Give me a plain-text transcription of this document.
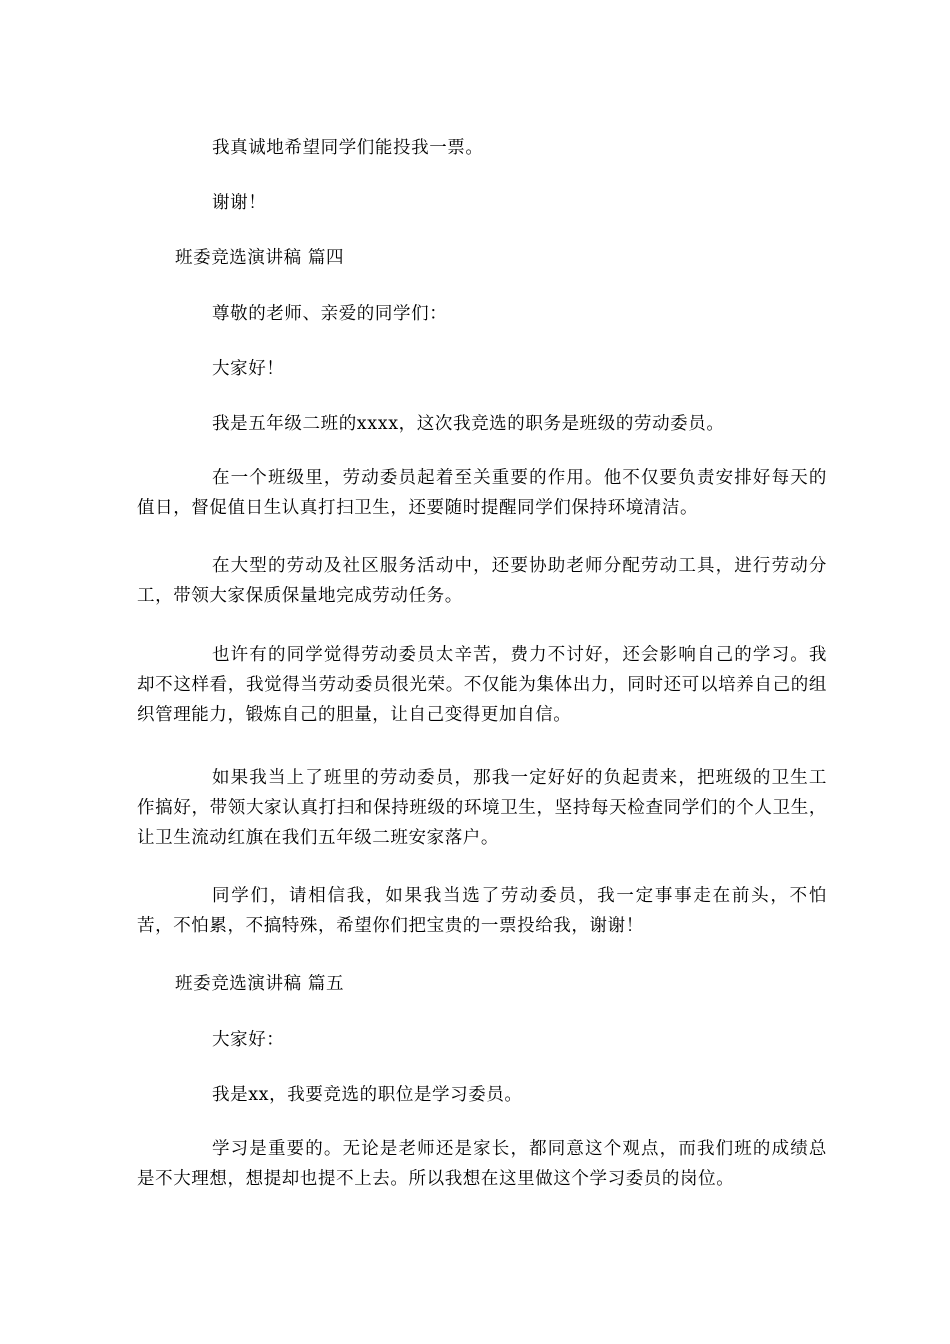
我真诚地希望同学们能投我一票。
谢谢！
班委竞选演讲稿 篇四
尊敬的老师、亲爱的同学们：
大家好！
我是五年级二班的xxxx，这次我竞选的职务是班级的劳动委员。
在一个班级里，劳动委员起着至关重要的作用。他不仅要负责安排好每天的值日，督促值日生认真打扫卫生，还要随时提醒同学们保持环境清洁。
在大型的劳动及社区服务活动中，还要协助老师分配劳动工具，进行劳动分工，带领大家保质保量地完成劳动任务。
也许有的同学觉得劳动委员太辛苦，费力不讨好，还会影响自己的学习。我却不这样看，我觉得当劳动委员很光荣。不仅能为集体出力，同时还可以培养自己的组织管理能力，锻炼自己的胆量，让自己变得更加自信。
如果我当上了班里的劳动委员，那我一定好好的负起责来，把班级的卫生工作搞好，带领大家认真打扫和保持班级的环境卫生，坚持每天检查同学们的个人卫生，让卫生流动红旗在我们五年级二班安家落户。
同学们，请相信我，如果我当选了劳动委员，我一定事事走在前头，不怕苦，不怕累，不搞特殊，希望你们把宝贵的一票投给我，谢谢！
班委竞选演讲稿 篇五
大家好：
我是xx，我要竞选的职位是学习委员。
学习是重要的。无论是老师还是家长，都同意这个观点，而我们班的成绩总是不大理想，想提却也提不上去。所以我想在这里做这个学习委员的岗位。
